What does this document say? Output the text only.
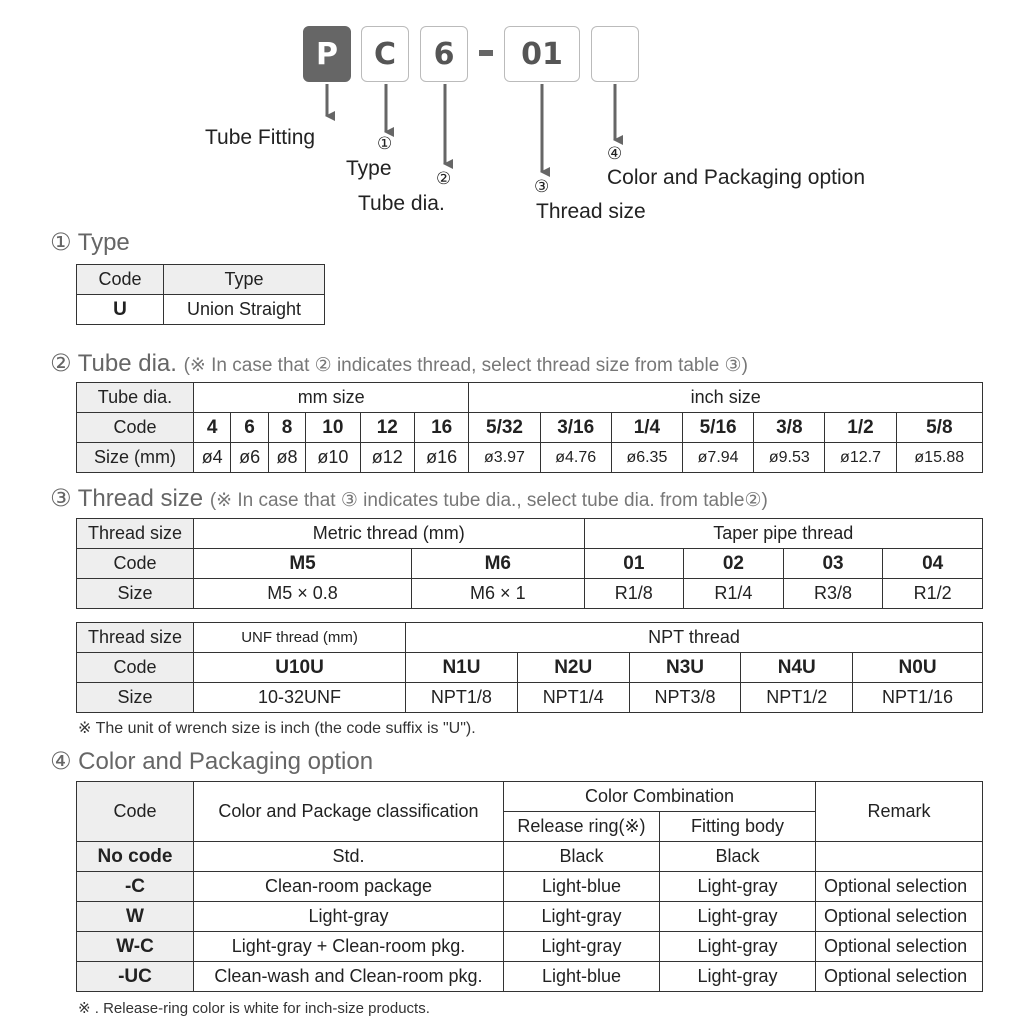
P	C	6	01
Tube Fitting	①
Type	②
Tube dia.
③
Thread size
④
Color and Packaging option
① Type
Code	Type
U	Union Straight
② Tube dia. (※ In case that ② indicates thread, select thread size from table ③)
Tube dia.	mm size						inch size						
Code	4	6	8	10	12	16	5/32	3/16	1/4	5/16	3/8	1/2	5/8
Size (mm)	ø4	ø6	ø8	ø10	ø12	ø16	ø3.97	ø4.76	ø6.35	ø7.94	ø9.53	ø12.7	ø15.88
③ Thread size (※ In case that ③ indicates tube dia., select tube dia. from table②)
Thread size	Metric thread (mm)		Taper pipe thread			
Code	M5	M6	01	02	03	04
Size	M5 × 0.8	M6 × 1	R1/8	R1/4	R3/8	R1/2
Thread size	UNF thread (mm)	NPT thread				
Code	U10U	N1U	N2U	N3U	N4U	N0U
Size	10-32UNF	NPT1/8	NPT1/4	NPT3/8	NPT1/2	NPT1/16
※ The unit of wrench size is inch (the code suffix is "U").
④ Color and Packaging option
Code	Color and Package classification	Color Combination		Remark
		Release ring(※)	Fitting body	
No code	Std.	Black	Black	
-C	Clean-room package	Light-blue	Light-gray	Optional selection
W	Light-gray	Light-gray	Light-gray	Optional selection
W-C	Light-gray + Clean-room pkg.	Light-gray	Light-gray	Optional selection
-UC	Clean-wash and Clean-room pkg.	Light-blue	Light-gray	Optional selection
※ . Release-ring color is white for inch-size products.
